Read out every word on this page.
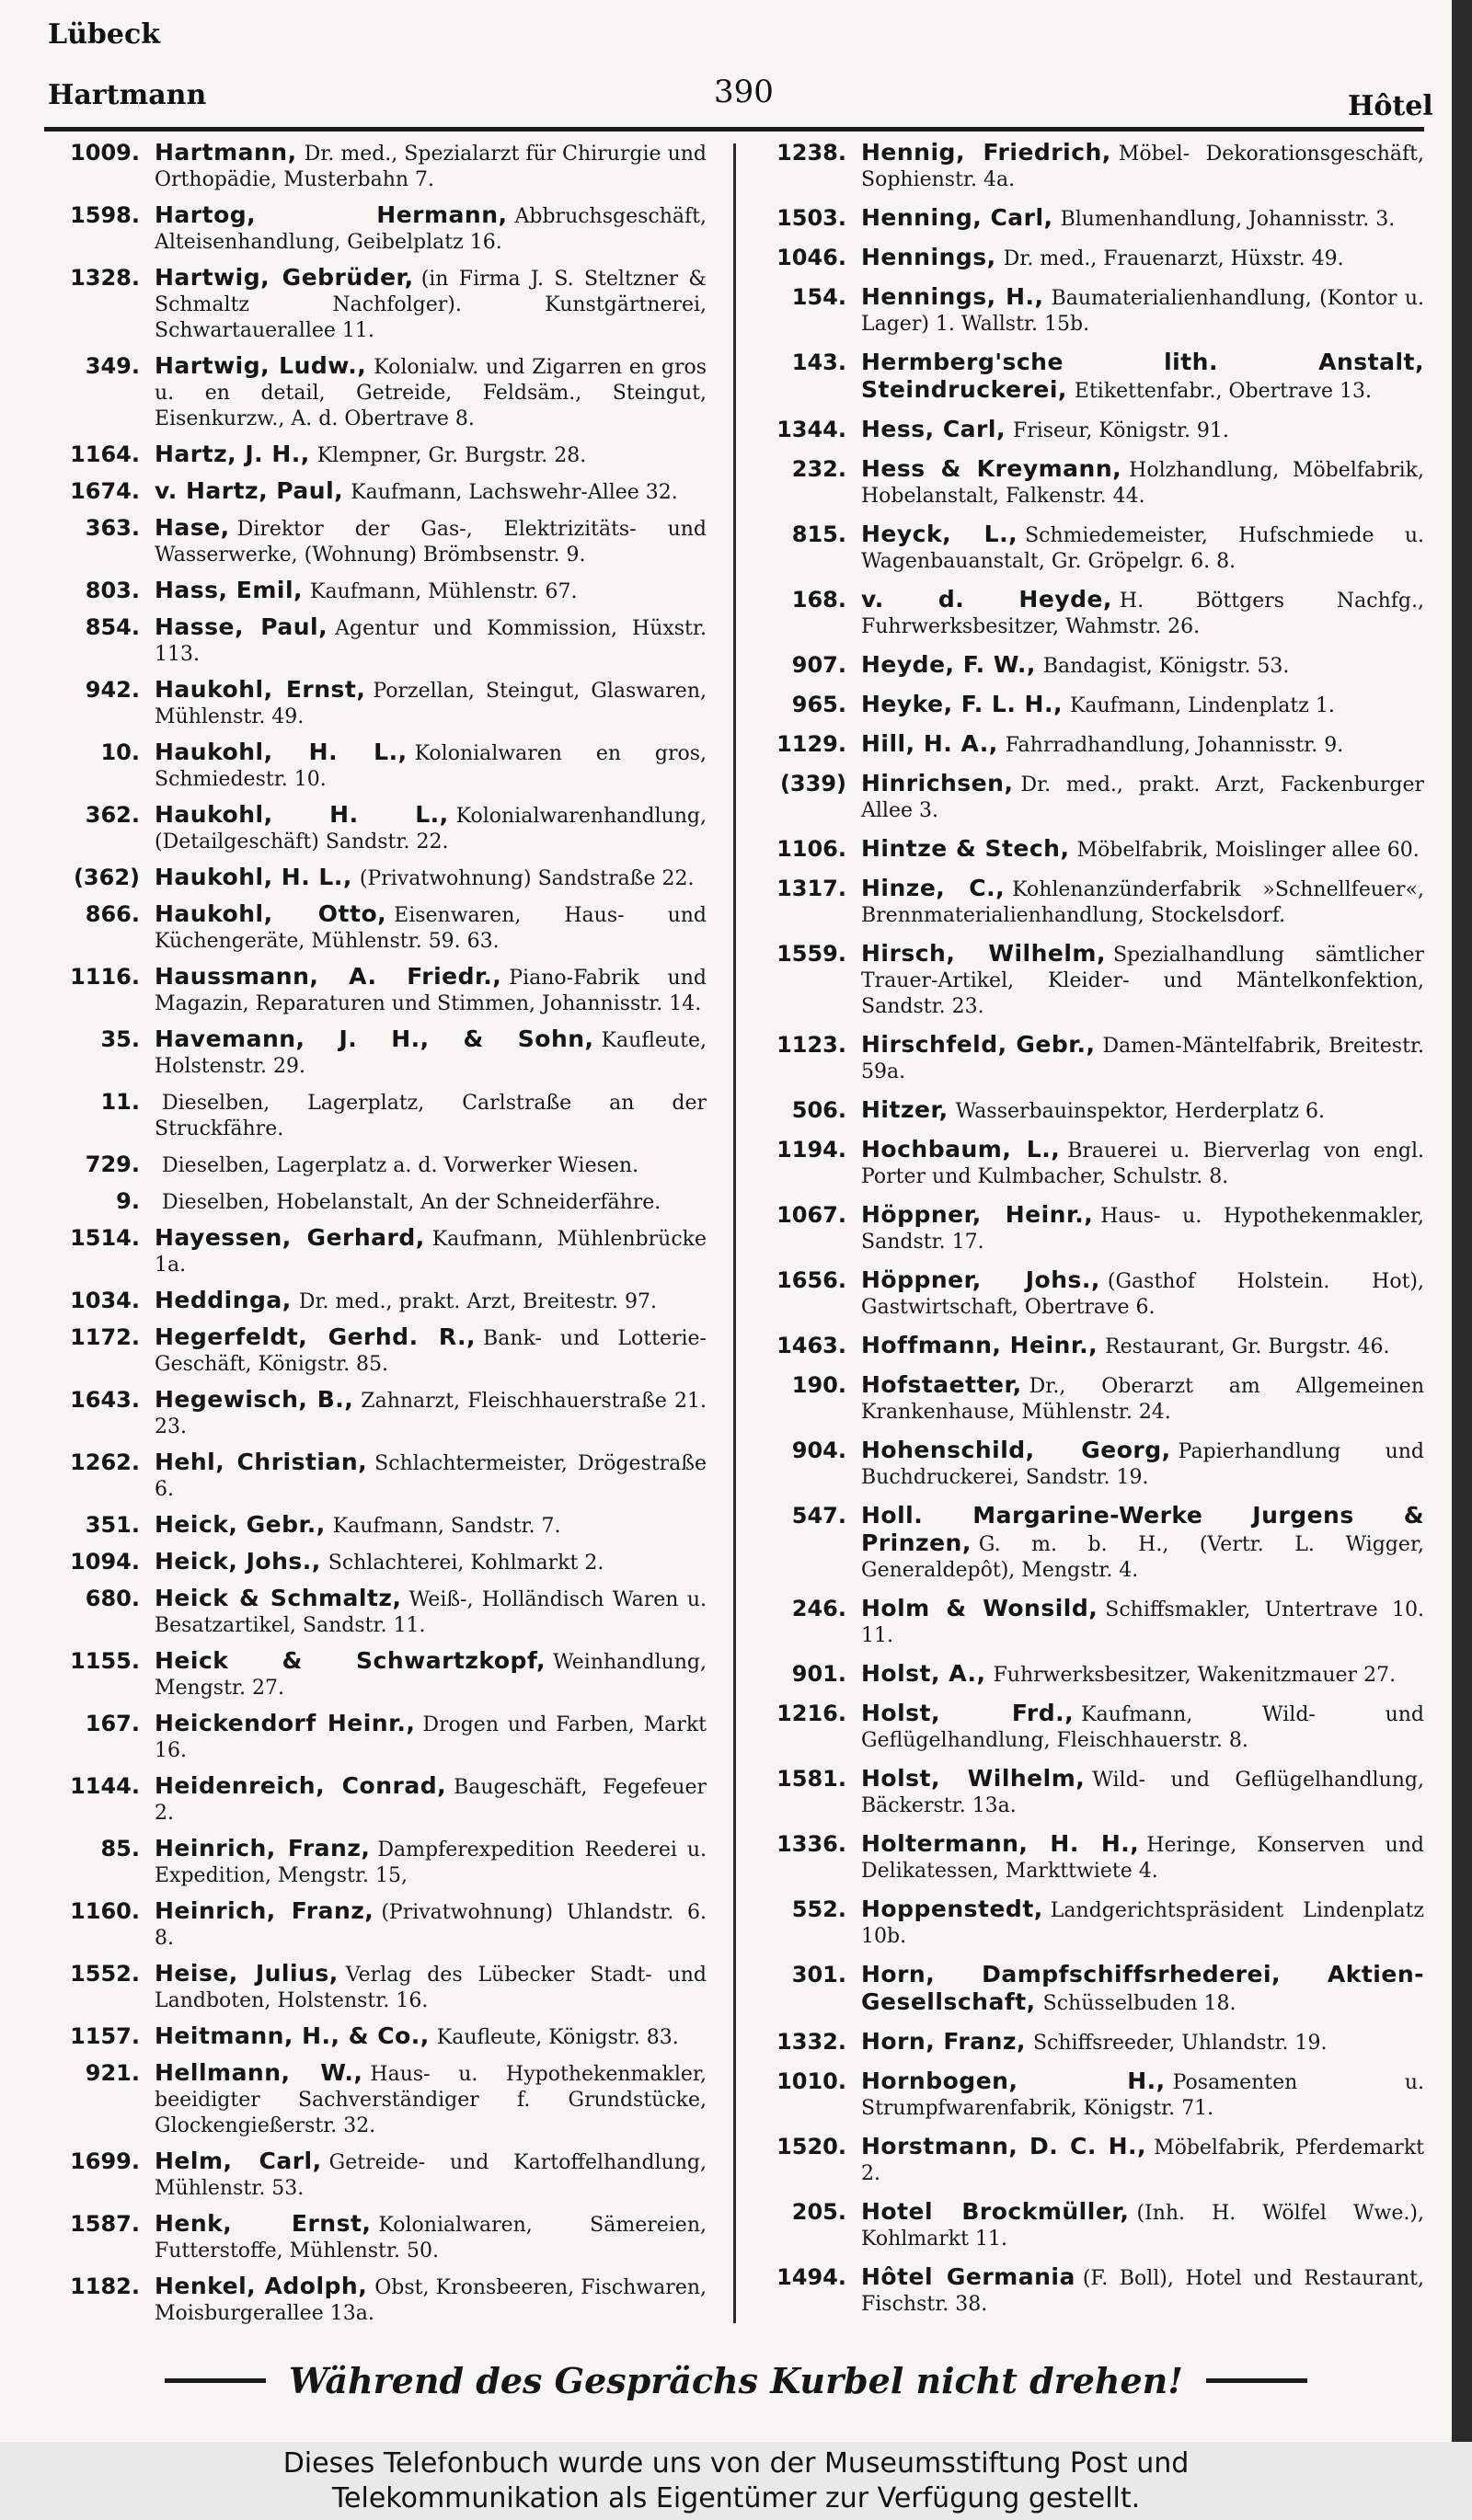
Lübeck
Hartmann	390	Hôtel
1009. Hartmann, Dr. med., Spezialarzt für Chirurgie und Orthopädie, Musterbahn 7.
1598. Hartog, Hermann, Abbruchsgeschäft, Alteisenhandlung, Geibelplatz 16.
1328. Hartwig, Gebrüder, (in Firma J. S. Steltzner & Schmaltz Nachfolger). Kunstgärtnerei, Schwartauerallee 11.
349. Hartwig, Ludw., Kolonialw. und Zigarren en gros u. en detail, Getreide, Feldsäm., Steingut, Eisenkurzw., A. d. Obertrave 8.
1164. Hartz, J. H., Klempner, Gr. Burgstr. 28.
1674. v. Hartz, Paul, Kaufmann, Lachswehr-Allee 32.
363. Hase, Direktor der Gas-, Elektrizitäts- und Wasserwerke, (Wohnung) Brömbsenstr. 9.
803. Hass, Emil, Kaufmann, Mühlenstr. 67.
854. Hasse, Paul, Agentur und Kommission, Hüxstr. 113.
942. Haukohl, Ernst, Porzellan, Steingut, Glaswaren, Mühlenstr. 49.
10. Haukohl, H. L., Kolonialwaren en gros, Schmiedestr. 10.
362. Haukohl, H. L., Kolonialwarenhandlung, (Detailgeschäft) Sandstr. 22.
(362) Haukohl, H. L., (Privatwohnung) Sandstraße 22.
866. Haukohl, Otto, Eisenwaren, Haus- und Küchengeräte, Mühlenstr. 59. 63.
1116. Haussmann, A. Friedr., Piano-Fabrik und Magazin, Reparaturen und Stimmen, Johannisstr. 14.
35. Havemann, J. H., & Sohn, Kaufleute, Holstenstr. 29.
11.	Dieselben, Lagerplatz, Carlstraße an der Struckfähre.
729.	Dieselben, Lagerplatz a. d. Vorwerker Wiesen.
9.	Dieselben, Hobelanstalt, An der Schneiderfähre.
1514. Hayessen, Gerhard, Kaufmann, Mühlenbrücke 1a.
1034. Heddinga, Dr. med., prakt. Arzt, Breitestr. 97.
1172. Hegerfeldt, Gerhd. R., Bank- und Lotterie-Geschäft, Königstr. 85.
1643. Hegewisch, B., Zahnarzt, Fleischhauerstraße 21. 23.
1262. Hehl, Christian, Schlachtermeister, Drögestraße 6.
351. Heick, Gebr., Kaufmann, Sandstr. 7.
1094. Heick, Johs., Schlachterei, Kohlmarkt 2.
680. Heick & Schmaltz, Weiß-, Holländisch Waren u. Besatzartikel, Sandstr. 11.
1155. Heick & Schwartzkopf, Weinhandlung, Mengstr. 27.
167. Heickendorf Heinr., Drogen und Farben, Markt 16.
1144. Heidenreich, Conrad, Baugeschäft, Fegefeuer 2.
85. Heinrich, Franz, Dampferexpedition Reederei u. Expedition, Mengstr. 15,
1160. Heinrich, Franz, (Privatwohnung) Uhlandstr. 6. 8.
1552. Heise, Julius, Verlag des Lübecker Stadt- und Landboten, Holstenstr. 16.
1157. Heitmann, H., & Co., Kaufleute, Königstr. 83.
921. Hellmann, W., Haus- u. Hypothekenmakler, beeidigter Sachverständiger f. Grundstücke, Glockengießerstr. 32.
1699. Helm, Carl, Getreide- und Kartoffelhandlung, Mühlenstr. 53.
1587. Henk, Ernst, Kolonialwaren, Sämereien, Futterstoffe, Mühlenstr. 50.
1182. Henkel, Adolph, Obst, Kronsbeeren, Fischwaren, Moisburgerallee 13a.
1238. Hennig, Friedrich, Möbel- Dekorationsgeschäft, Sophienstr. 4a.
1503. Henning, Carl, Blumenhandlung, Johannisstr. 3.
1046. Hennings, Dr. med., Frauenarzt, Hüxstr. 49.
154. Hennings, H., Baumaterialienhandlung, (Kontor u. Lager) 1. Wallstr. 15b.
143. Hermberg'sche lith. Anstalt, Steindruckerei, Etikettenfabr., Obertrave 13.
1344. Hess, Carl, Friseur, Königstr. 91.
232. Hess & Kreymann, Holzhandlung, Möbelfabrik, Hobelanstalt, Falkenstr. 44.
815. Heyck, L., Schmiedemeister, Hufschmiede u. Wagenbauanstalt, Gr. Gröpelgr. 6. 8.
168. v. d. Heyde, H. Böttgers Nachfg., Fuhrwerksbesitzer, Wahmstr. 26.
907. Heyde, F. W., Bandagist, Königstr. 53.
965. Heyke, F. L. H., Kaufmann, Lindenplatz 1.
1129. Hill, H. A., Fahrradhandlung, Johannisstr. 9.
(339) Hinrichsen, Dr. med., prakt. Arzt, Fackenburger Allee 3.
1106. Hintze & Stech, Möbelfabrik, Moislinger allee 60.
1317. Hinze, C., Kohlenanzünderfabrik »Schnellfeuer«, Brennmaterialienhandlung, Stockelsdorf.
1559. Hirsch, Wilhelm, Spezialhandlung sämtlicher Trauer-Artikel, Kleider- und Mäntelkonfektion, Sandstr. 23.
1123. Hirschfeld, Gebr., Damen-Mäntelfabrik, Breitestr. 59a.
506. Hitzer, Wasserbauinspektor, Herderplatz 6.
1194. Hochbaum, L., Brauerei u. Bierverlag von engl. Porter und Kulmbacher, Schulstr. 8.
1067. Höppner, Heinr., Haus- u. Hypothekenmakler, Sandstr. 17.
1656. Höppner, Johs., (Gasthof Holstein. Hot), Gastwirtschaft, Obertrave 6.
1463. Hoffmann, Heinr., Restaurant, Gr. Burgstr. 46.
190. Hofstaetter, Dr., Oberarzt am Allgemeinen Krankenhause, Mühlenstr. 24.
904. Hohenschild, Georg, Papierhandlung und Buchdruckerei, Sandstr. 19.
547. Holl. Margarine-Werke Jurgens & Prinzen, G. m. b. H., (Vertr. L. Wigger, Generaldepôt), Mengstr. 4.
246. Holm & Wonsild, Schiffsmakler, Untertrave 10. 11.
901. Holst, A., Fuhrwerksbesitzer, Wakenitzmauer 27.
1216. Holst, Frd., Kaufmann, Wild- und Geflügelhandlung, Fleischhauerstr. 8.
1581. Holst, Wilhelm, Wild- und Geflügelhandlung, Bäckerstr. 13a.
1336. Holtermann, H. H., Heringe, Konserven und Delikatessen, Markttwiete 4.
552. Hoppenstedt, Landgerichtspräsident Lindenplatz 10b.
301. Horn, Dampfschiffsrhederei, Aktien-Gesellschaft, Schüsselbuden 18.
1332. Horn, Franz, Schiffsreeder, Uhlandstr. 19.
1010. Hornbogen, H., Posamenten u. Strumpfwarenfabrik, Königstr. 71.
1520. Horstmann, D. C. H., Möbelfabrik, Pferdemarkt 2.
205. Hotel Brockmüller, (Inh. H. Wölfel Wwe.), Kohlmarkt 11.
1494. Hôtel Germania (F. Boll), Hotel und Restaurant, Fischstr. 38.
Während des Gesprächs Kurbel nicht drehen!
Dieses Telefonbuch wurde uns von der Museumsstiftung Post und
Telekommunikation als Eigentümer zur Verfügung gestellt.
